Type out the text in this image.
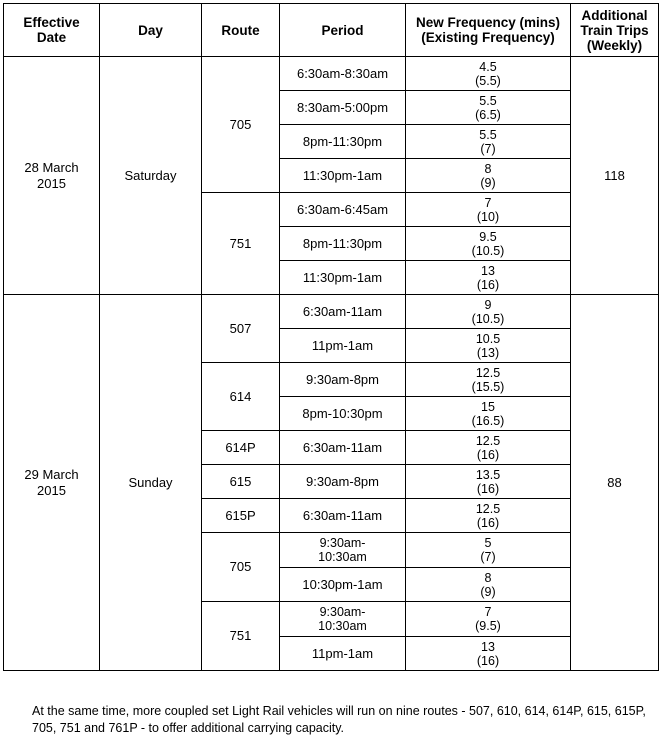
Effective Date	Day	Route	Period	New Frequency (mins) (Existing Frequency)	Additional Train Trips (Weekly)
28 March 2015	Saturday	705	6:30am-8:30am	4.5
(5.5)	118
			8:30am-5:00pm	5.5
(6.5)	

			8pm-11:30pm	5.5
(7)	

			11:30pm-1am	8
(9)	

		751	6:30am-6:45am	7
(10)	

			8pm-11:30pm	9.5
(10.5)	

			11:30pm-1am	13
(16)	

29 March 2015	Sunday	507	6:30am-11am	9
(10.5)	88
			11pm-1am	10.5
(13)	

		614	9:30am-8pm	12.5
(15.5)	

			8pm-10:30pm	15
(16.5)	

		614P	6:30am-11am	12.5
(16)	

		615	9:30am-8pm	13.5
(16)	

		615P	6:30am-11am	12.5
(16)	

		705	9:30am-
10:30am	5
(7)	

			10:30pm-1am	8
(9)	

		751	9:30am-
10:30am	7
(9.5)	

			11pm-1am	13
(16)	
At the same time, more coupled set Light Rail vehicles will run on nine routes - 507, 610, 614, 614P, 615, 615P, 705, 751 and 761P - to offer additional carrying capacity.
